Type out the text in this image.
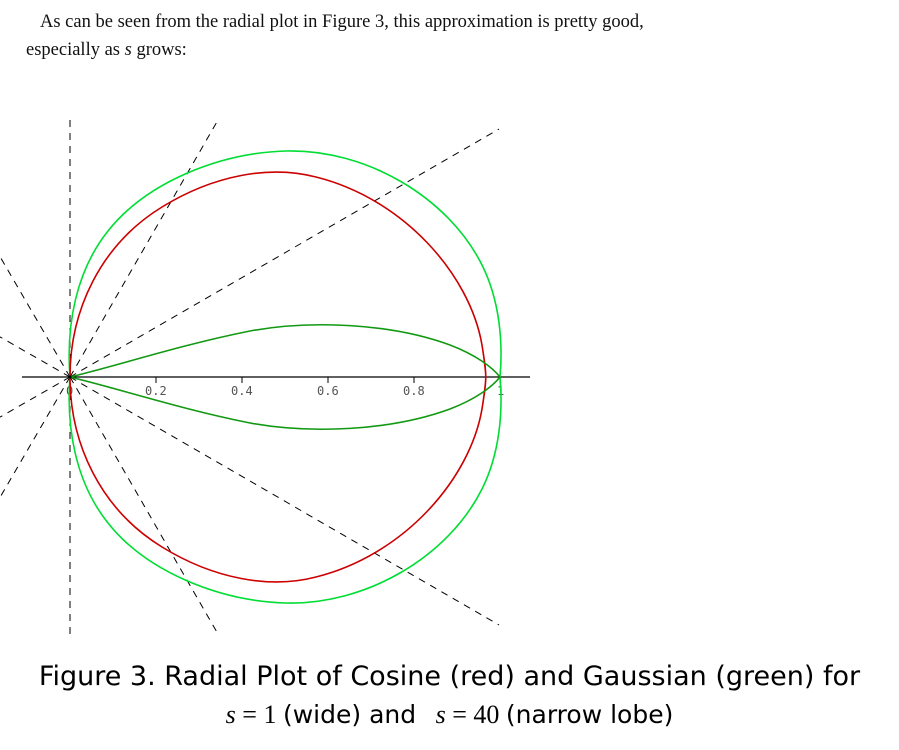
As can be seen from the radial plot in Figure 3, this approximation is pretty good,
especially as s grows:
0	0.2	0.4	0.6	0.8	1
Figure 3. Radial Plot of Cosine (red) and Gaussian (green) for
s = 1 (wide) and s = 40 (narrow lobe)
